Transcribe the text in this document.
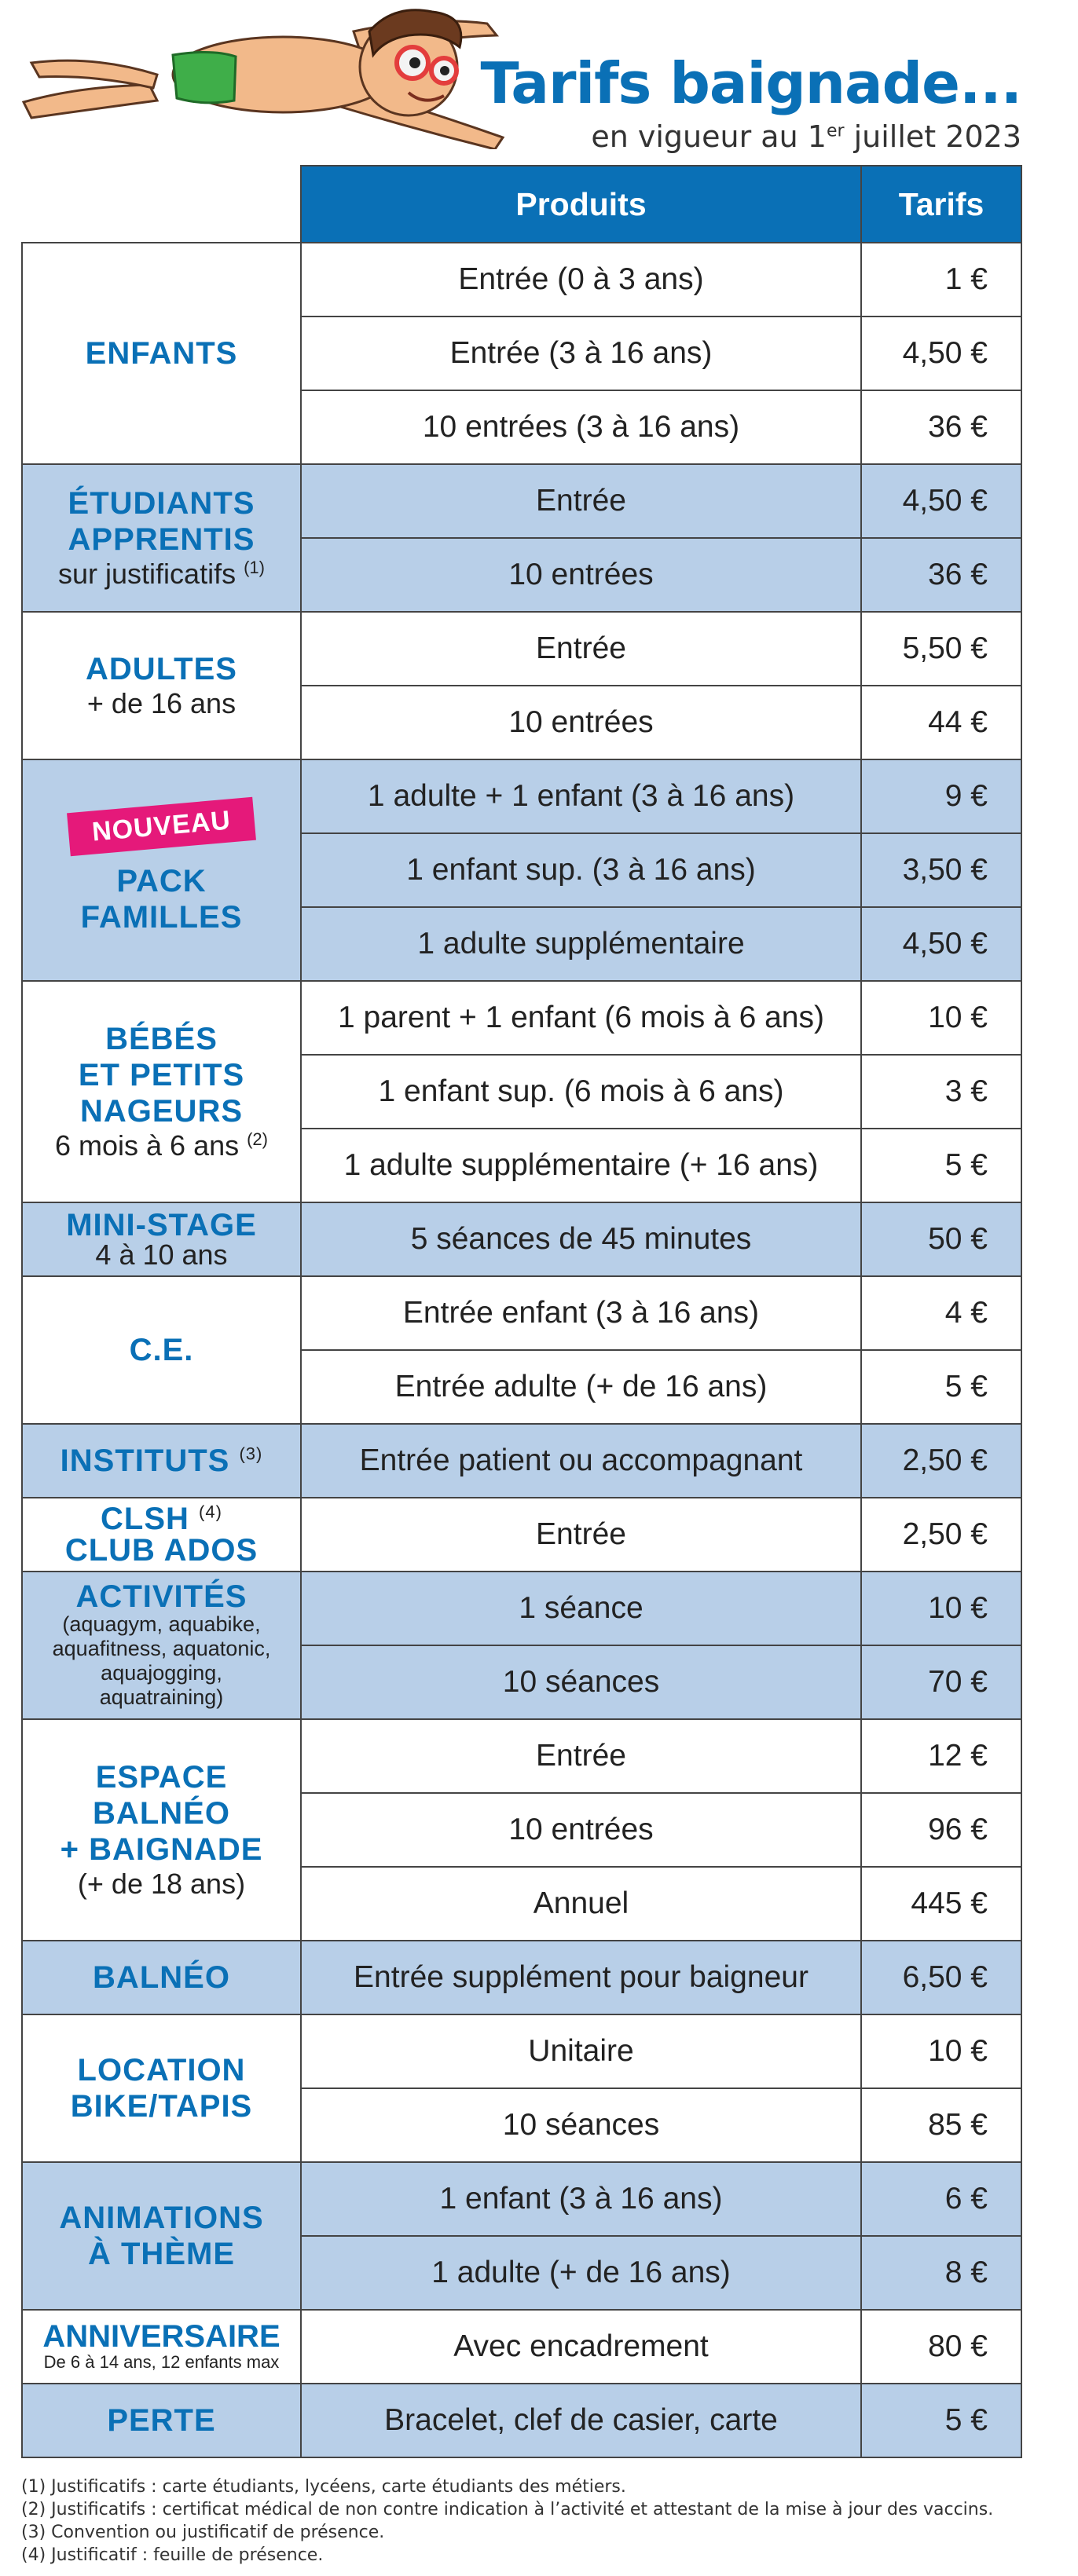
Tarifs baignade...
en vigueur au 1er juillet 2023
	Produits	Tarifs

ENFANTS	Entrée (0 à 3 ans)	1 €
	Entrée (3 à 16 ans)	4,50 €
	10 entrées (3 à 16 ans)	36 €

ÉTUDIANTS
APPRENTIS
sur justificatifs $^{(1)}$	Entrée	4,50 €
	10 entrées	36 €

ADULTES
+ de 16 ans	Entrée	5,50 €
	10 entrées	44 €
NOUVEAU
PACK
FAMILLES	1 adulte + 1 enfant (3 à 16 ans)	9 €
	1 enfant sup. (3 à 16 ans)	3,50 €
	1 adulte supplémentaire	4,50 €

BÉBÉS
ET PETITS
NAGEURS
6 mois à 6 ans $^{(2)}$	1 parent + 1 enfant (6 mois à 6 ans)	10 €
	1 enfant sup. (6 mois à 6 ans)	3 €
	1 adulte supplémentaire (+ 16 ans)	5 €

MINI-STAGE
4 à 10 ans	5 séances de 45 minutes	50 €

C.E.	Entrée enfant (3 à 16 ans)	4 €
	Entrée adulte (+ de 16 ans)	5 €

INSTITUTS $^{(3)}$	Entrée patient ou accompagnant	2,50 €

CLSH $^{(4)}$
CLUB ADOS	Entrée	2,50 €

ACTIVITÉS
(aquagym, aquabike,
aquafitness, aquatonic,
aquajogging,
aquatraining)	1 séance	10 €
	10 séances	70 €

ESPACE
BALNÉO
+ BAIGNADE
(+ de 18 ans)	Entrée	12 €
	10 entrées	96 €
	Annuel	445 €

BALNÉO	Entrée supplément pour baigneur	6,50 €

LOCATION
BIKE/TAPIS	Unitaire	10 €
	10 séances	85 €

ANIMATIONS
À THÈME	1 enfant (3 à 16 ans)	6 €
	1 adulte (+ de 16 ans)	8 €

ANNIVERSAIRE
De 6 à 14 ans, 12 enfants max	Avec encadrement	80 €

PERTE	Bracelet, clef de casier, carte	5 €
(1) Justificatifs : carte étudiants, lycéens, carte étudiants des métiers.
(2) Justificatifs : certificat médical de non contre indication à l’activité et attestant de la mise à jour des vaccins.
(3) Convention ou justificatif de présence.
(4) Justificatif : feuille de présence.
